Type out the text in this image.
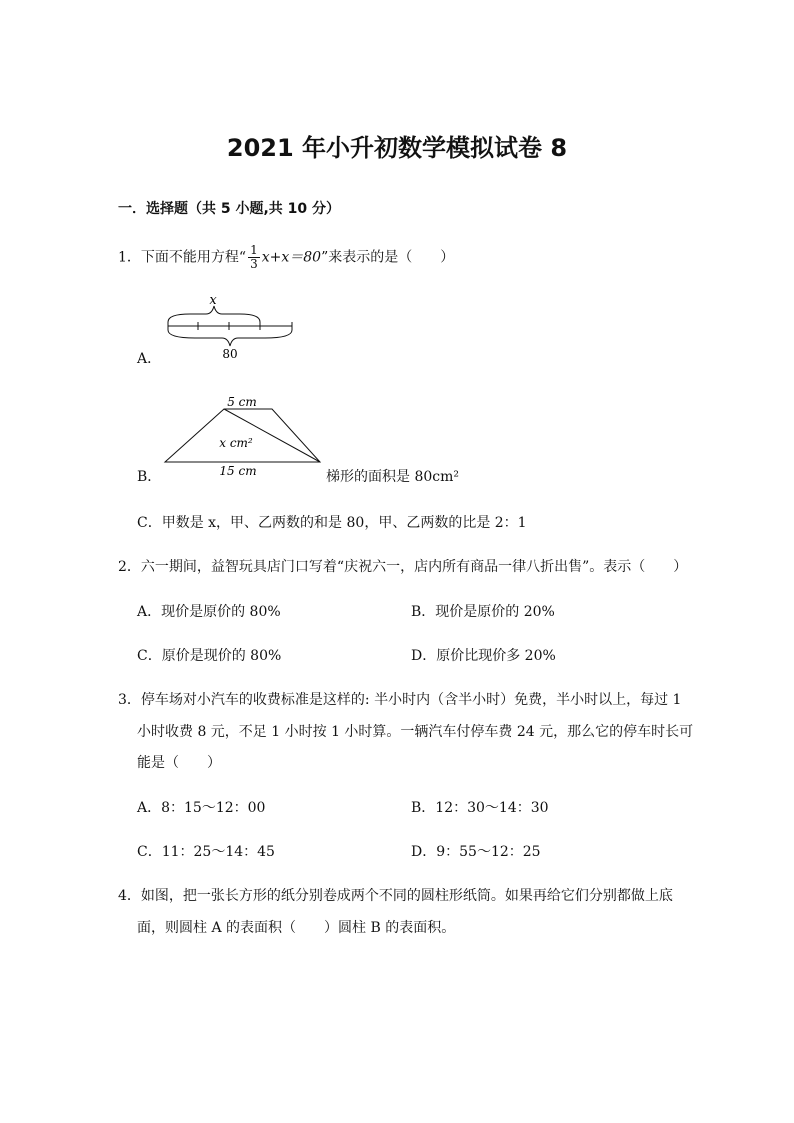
2021 年小升初数学模拟试卷 8
一．选择题（共 5 小题,共 10 分）
1．下面不能用方程“ $\frac{1}{3} x+x=80$”来表示的是（　　）
A．
x
80
B．
5 cm
x cm²
15 cm	梯形的面积是 80cm²
C．甲数是 x，甲、乙两数的和是 80，甲、乙两数的比是 2：1
2．六一期间，益智玩具店门口写着“庆祝六一，店内所有商品一律八折出售”。表示（　　）
A．现价是原价的 80%	B．现价是原价的 20%
C．原价是现价的 80%	D．原价比现价多 20%
3．停车场对小汽车的收费标准是这样的: 半小时内（含半小时）免费，半小时以上，每过 1
小时收费 8 元，不足 1 小时按 1 小时算。一辆汽车付停车费 24 元，那么它的停车时长可
能是（　　）
A．8：15～12：00	B．12：30～14：30
C．11：25～14：45	D．9：55～12：25
4．如图，把一张长方形的纸分别卷成两个不同的圆柱形纸筒。如果再给它们分别都做上底
面，则圆柱 A 的表面积（　　）圆柱 B 的表面积。
